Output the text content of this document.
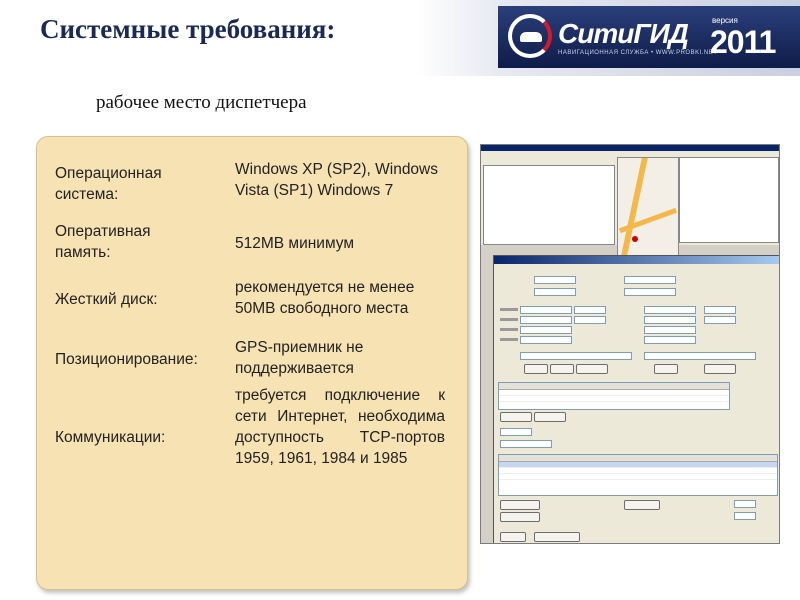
Системные требования:	СитиГИД
НАВИГАЦИОННАЯ СЛУЖБА • WWW.PROBKI.NET
версия
2011
рабочее место диспетчера
Операционная система:
Windows XP (SP2), Windows Vista (SP1) Windows 7
Оперативная память:
512MB минимум
Жесткий диск:
рекомендуется не менее 50MB свободного места
Позиционирование:
GPS-приемник не поддерживается
Коммуникации:
требуется подключение к сети Интернет, необходима доступность TCP-портов 1959, 1961, 1984 и 1985
